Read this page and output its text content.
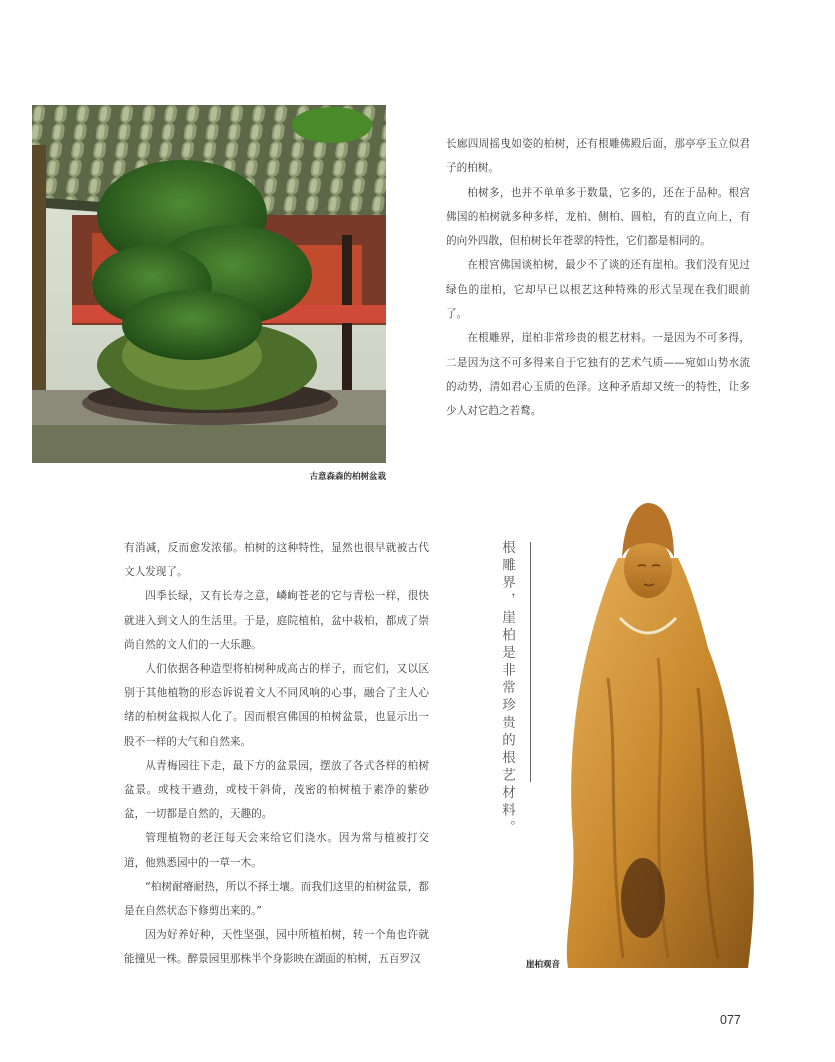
古意森森的柏树盆栽

长廊四周摇曳如姿的柏树，还有根雕佛殿后面，那亭亭玉立似君子的柏树。

柏树多，也并不单单多于数量，它多的，还在于品种。根宫佛国的柏树就多种多样，龙柏、侧柏、圆柏，有的直立向上，有的向外四散，但柏树长年苍翠的特性，它们都是相同的。

在根宫佛国谈柏树，最少不了谈的还有崖柏。我们没有见过绿色的崖柏，它却早已以根艺这种特殊的形式呈现在我们眼前了。

在根雕界，崖柏非常珍贵的根艺材料。一是因为不可多得，二是因为这不可多得来自于它独有的艺术气质——宛如山势水流的动势，清如君心玉质的色泽。这种矛盾却又统一的特性，让多少人对它趋之若鹜。

有消减，反而愈发浓郁。柏树的这种特性，显然也很早就被古代文人发现了。

四季长绿，又有长寿之意，嶙峋苍老的它与青松一样，很快就进入到文人的生活里。于是，庭院植柏，盆中栽柏，都成了崇尚自然的文人们的一大乐趣。

人们依据各种造型将柏树种成高古的样子，而它们，又以区别于其他植物的形态诉说着文人不同风响的心事，融合了主人心绪的柏树盆栽拟人化了。因而根宫佛国的柏树盆景，也显示出一股不一样的大气和自然来。

从青梅园往下走，最下方的盆景园，摆放了各式各样的柏树盆景。或枝干遒劲，或枝干斜倚，茂密的柏树植于素净的紫砂盆，一切都是自然的，天趣的。

管理植物的老汪每天会来给它们浇水。因为常与植被打交道，他熟悉园中的一草一木。

“柏树耐瘠耐热，所以不择土壤。而我们这里的柏树盆景，都是在自然状态下修剪出来的。”

因为好养好种，天性坚强，园中所植柏树，转一个角也许就能撞见一株。醉景园里那株半个身影映在湖面的柏树，五百罗汉

根雕界，崖柏是非常珍贵的根艺材料。
崖柏观音
077
